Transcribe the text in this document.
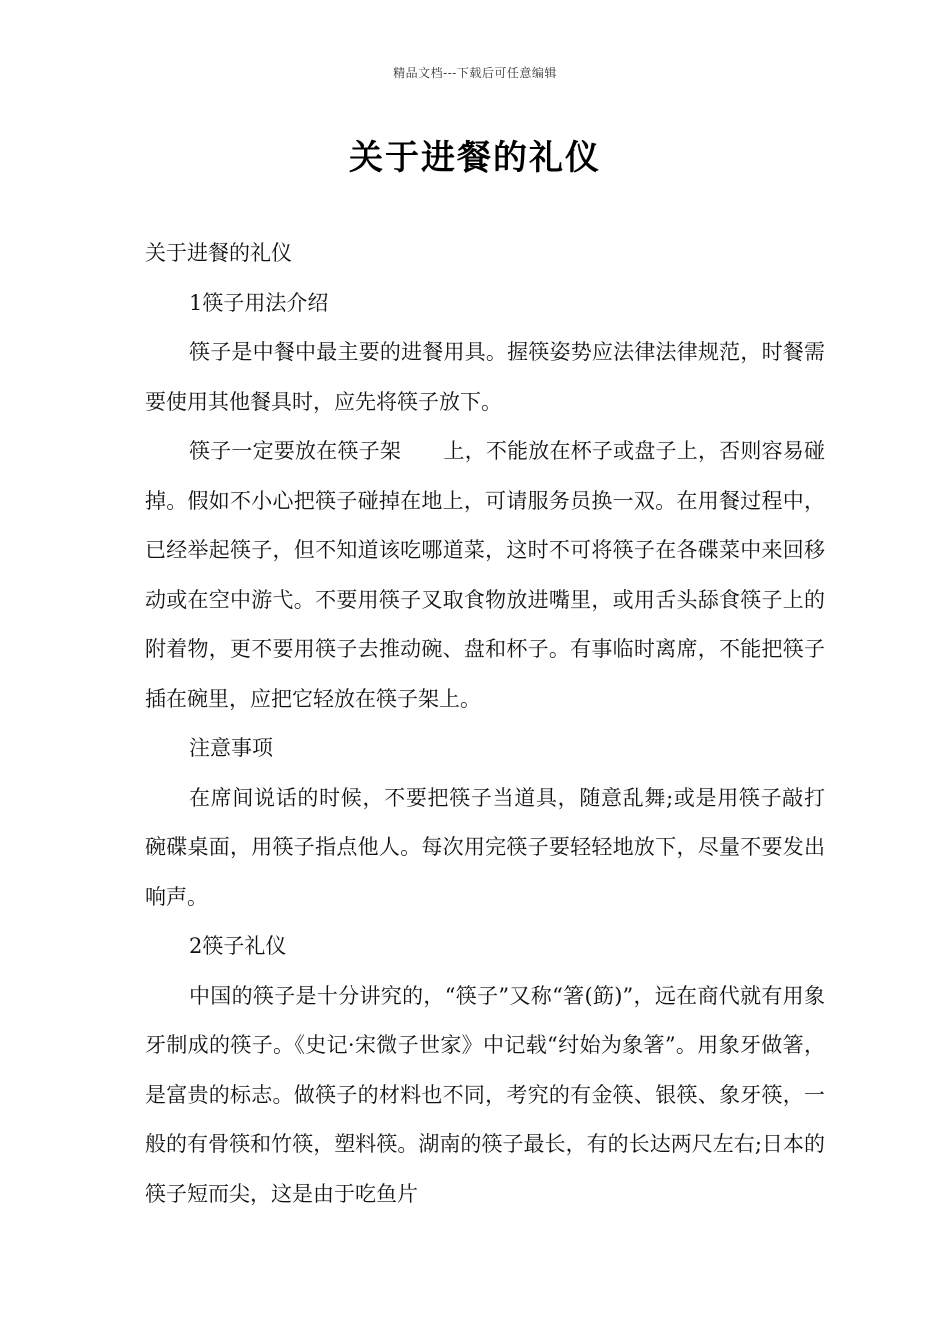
精品文档---下载后可任意编辑
关于进餐的礼仪

关于进餐的礼仪

1筷子用法介绍

筷子是中餐中最主要的进餐用具。握筷姿势应法律法律规范，时餐需要使用其他餐具时，应先将筷子放下。

筷子一定要放在筷子架　　上，不能放在杯子或盘子上，否则容易碰掉。假如不小心把筷子碰掉在地上，可请服务员换一双。在用餐过程中，已经举起筷子，但不知道该吃哪道菜，这时不可将筷子在各碟菜中来回移动或在空中游弋。不要用筷子叉取食物放进嘴里，或用舌头舔食筷子上的附着物，更不要用筷子去推动碗、盘和杯子。有事临时离席，不能把筷子插在碗里，应把它轻放在筷子架上。

注意事项

在席间说话的时候，不要把筷子当道具，随意乱舞;或是用筷子敲打碗碟桌面，用筷子指点他人。每次用完筷子要轻轻地放下，尽量不要发出响声。

2筷子礼仪

中国的筷子是十分讲究的，“筷子”又称“箸(筯)”，远在商代就有用象牙制成的筷子。《史记·宋微子世家》中记载“纣始为象箸”。用象牙做箸，是富贵的标志。做筷子的材料也不同，考究的有金筷、银筷、象牙筷，一般的有骨筷和竹筷，塑料筷。湖南的筷子最长，有的长达两尺左右;日本的筷子短而尖，这是由于吃鱼片
